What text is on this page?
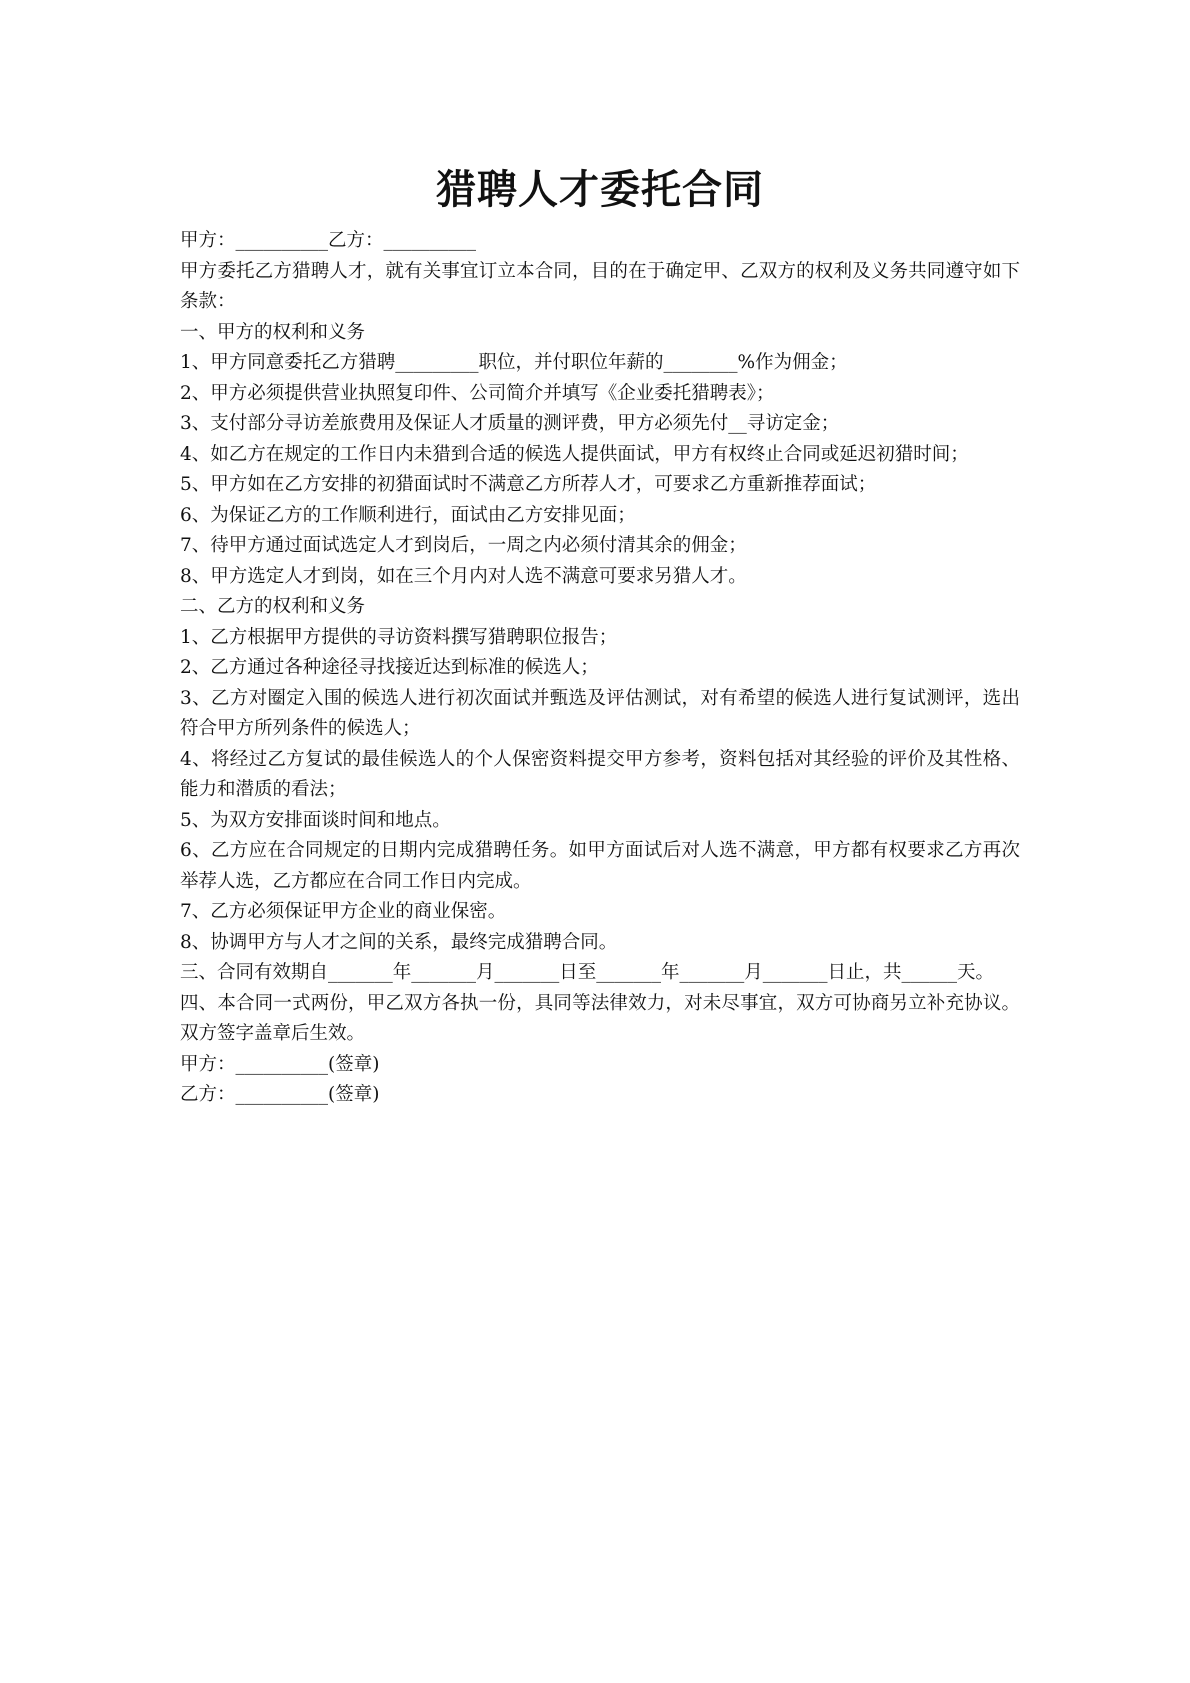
猎聘人才委托合同

甲方：__________乙方：__________

甲方委托乙方猎聘人才，就有关事宜订立本合同，目的在于确定甲、乙双方的权利及义务共同遵守如下条款：

一、甲方的权利和义务

1、甲方同意委托乙方猎聘_________职位，并付职位年薪的________%作为佣金；

2、甲方必须提供营业执照复印件、公司简介并填写《企业委托猎聘表》；

3、支付部分寻访差旅费用及保证人才质量的测评费，甲方必须先付__寻访定金；

4、如乙方在规定的工作日内未猎到合适的候选人提供面试，甲方有权终止合同或延迟初猎时间；

5、甲方如在乙方安排的初猎面试时不满意乙方所荐人才，可要求乙方重新推荐面试；

6、为保证乙方的工作顺利进行，面试由乙方安排见面；

7、待甲方通过面试选定人才到岗后，一周之内必须付清其余的佣金；

8、甲方选定人才到岗，如在三个月内对人选不满意可要求另猎人才。

二、乙方的权利和义务

1、乙方根据甲方提供的寻访资料撰写猎聘职位报告；

2、乙方通过各种途径寻找接近达到标准的候选人；

3、乙方对圈定入围的候选人进行初次面试并甄选及评估测试，对有希望的候选人进行复试测评，选出符合甲方所列条件的候选人；

4、将经过乙方复试的最佳候选人的个人保密资料提交甲方参考，资料包括对其经验的评价及其性格、能力和潜质的看法；

5、为双方安排面谈时间和地点。

6、乙方应在合同规定的日期内完成猎聘任务。如甲方面试后对人选不满意，甲方都有权要求乙方再次举荐人选，乙方都应在合同工作日内完成。

7、乙方必须保证甲方企业的商业保密。

8、协调甲方与人才之间的关系，最终完成猎聘合同。

三、合同有效期自_______年_______月_______日至_______年_______月_______日止，共______天。

四、本合同一式两份，甲乙双方各执一份，具同等法律效力，对未尽事宜，双方可协商另立补充协议。双方签字盖章后生效。

甲方：__________(签章)

乙方：__________(签章)
